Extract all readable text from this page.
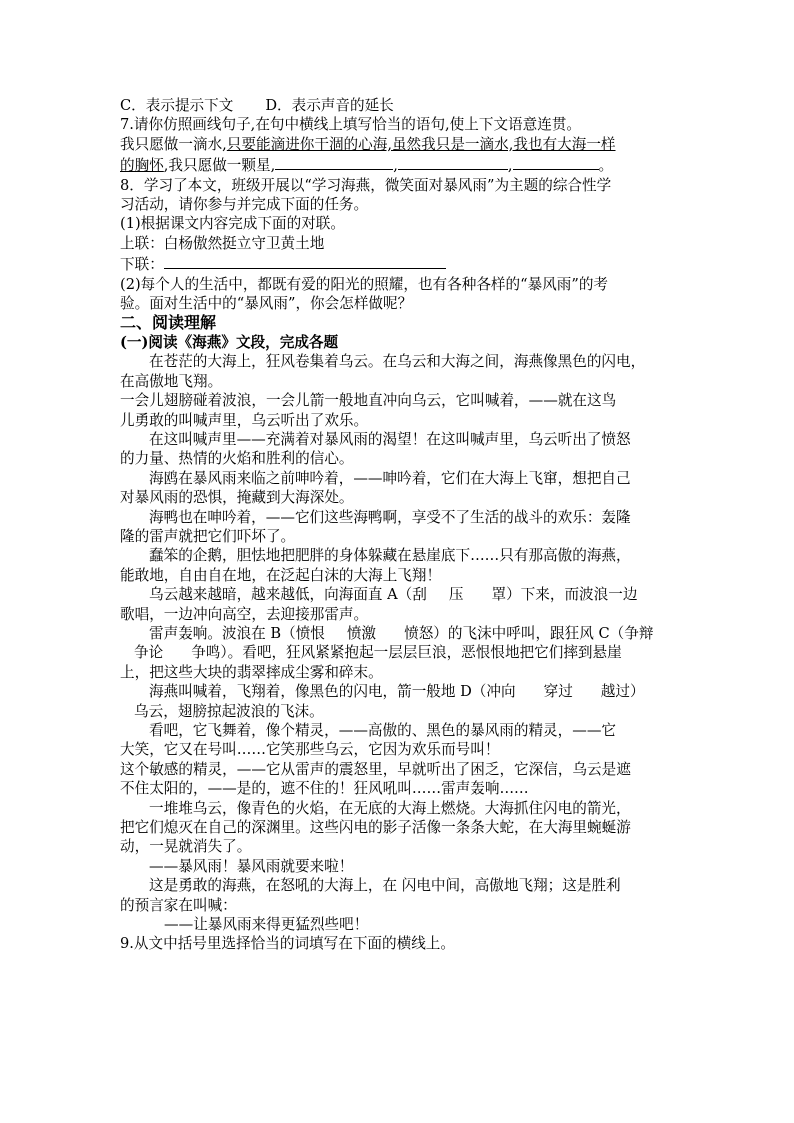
C．表示提示下文 D．表示声音的延长
7.请你仿照画线句子,在句中横线上填写恰当的语句,使上下文语意连贯。
我只愿做一滴水,只要能滴进你干涸的心海,虽然我只是一滴水,我也有大海一样
的胸怀,我只愿做一颗星,	,	,	。
8．学习了本文，班级开展以“学习海燕，微笑面对暴风雨”为主题的综合性学
习活动，请你参与并完成下面的任务。
(1)根据课文内容完成下面的对联。
上联：白杨傲然挺立守卫黄土地
下联：
(2)每个人的生活中，都既有爱的阳光的照耀，也有各种各样的“暴风雨”的考
验。面对生活中的“暴风雨”，你会怎样做呢？
二、阅读理解
(一)阅读《海燕》文段，完成各题
在苍茫的大海上，狂风卷集着乌云。在乌云和大海之间，海燕像黑色的闪电，
在高傲地飞翔。
一会儿翅膀碰着波浪，一会儿箭一般地直冲向乌云，它叫喊着，——就在这鸟
儿勇敢的叫喊声里，乌云听出了欢乐。
在这叫喊声里——充满着对暴风雨的渴望！在这叫喊声里，乌云听出了愤怒
的力量、热情的火焰和胜利的信心。
海鸥在暴风雨来临之前呻吟着，——呻吟着，它们在大海上飞窜，想把自己
对暴风雨的恐惧，掩藏到大海深处。
海鸭也在呻吟着，——它们这些海鸭啊，享受不了生活的战斗的欢乐：轰隆
隆的雷声就把它们吓坏了。
蠢笨的企鹅，胆怯地把肥胖的身体躲藏在悬崖底下……只有那高傲的海燕，
能敢地，自由自在地，在泛起白沫的大海上飞翔！
乌云越来越暗，越来越低，向海面直 A（刮 压 罩）下来，而波浪一边
歌唱，一边冲向高空，去迎接那雷声。
雷声轰响。波浪在 B（愤恨 愤激 愤怒）的飞沫中呼叫，跟狂风 C（争辩
争论 争鸣）。看吧，狂风紧紧抱起一层层巨浪，恶恨恨地把它们摔到悬崖
上，把这些大块的翡翠摔成尘雾和碎末。
海燕叫喊着，飞翔着，像黑色的闪电，箭一般地 D（冲向 穿过 越过）
乌云，翅膀掠起波浪的飞沫。
看吧，它飞舞着，像个精灵，——高傲的、黑色的暴风雨的精灵，——它
大笑，它又在号叫……它笑那些乌云，它因为欢乐而号叫！
这个敏感的精灵，——它从雷声的震怒里，早就听出了困乏，它深信，乌云是遮
不住太阳的，——是的，遮不住的！狂风吼叫……雷声轰响……
一堆堆乌云，像青色的火焰，在无底的大海上燃烧。大海抓住闪电的箭光，
把它们熄灭在自己的深渊里。这些闪电的影子活像一条条大蛇，在大海里蜿蜒游
动，一晃就消失了。
——暴风雨！暴风雨就要来啦！
这是勇敢的海燕，在怒吼的大海上，在 闪电中间，高傲地飞翔；这是胜利
的预言家在叫喊：
——让暴风雨来得更猛烈些吧！
9.从文中括号里选择恰当的词填写在下面的横线上。
